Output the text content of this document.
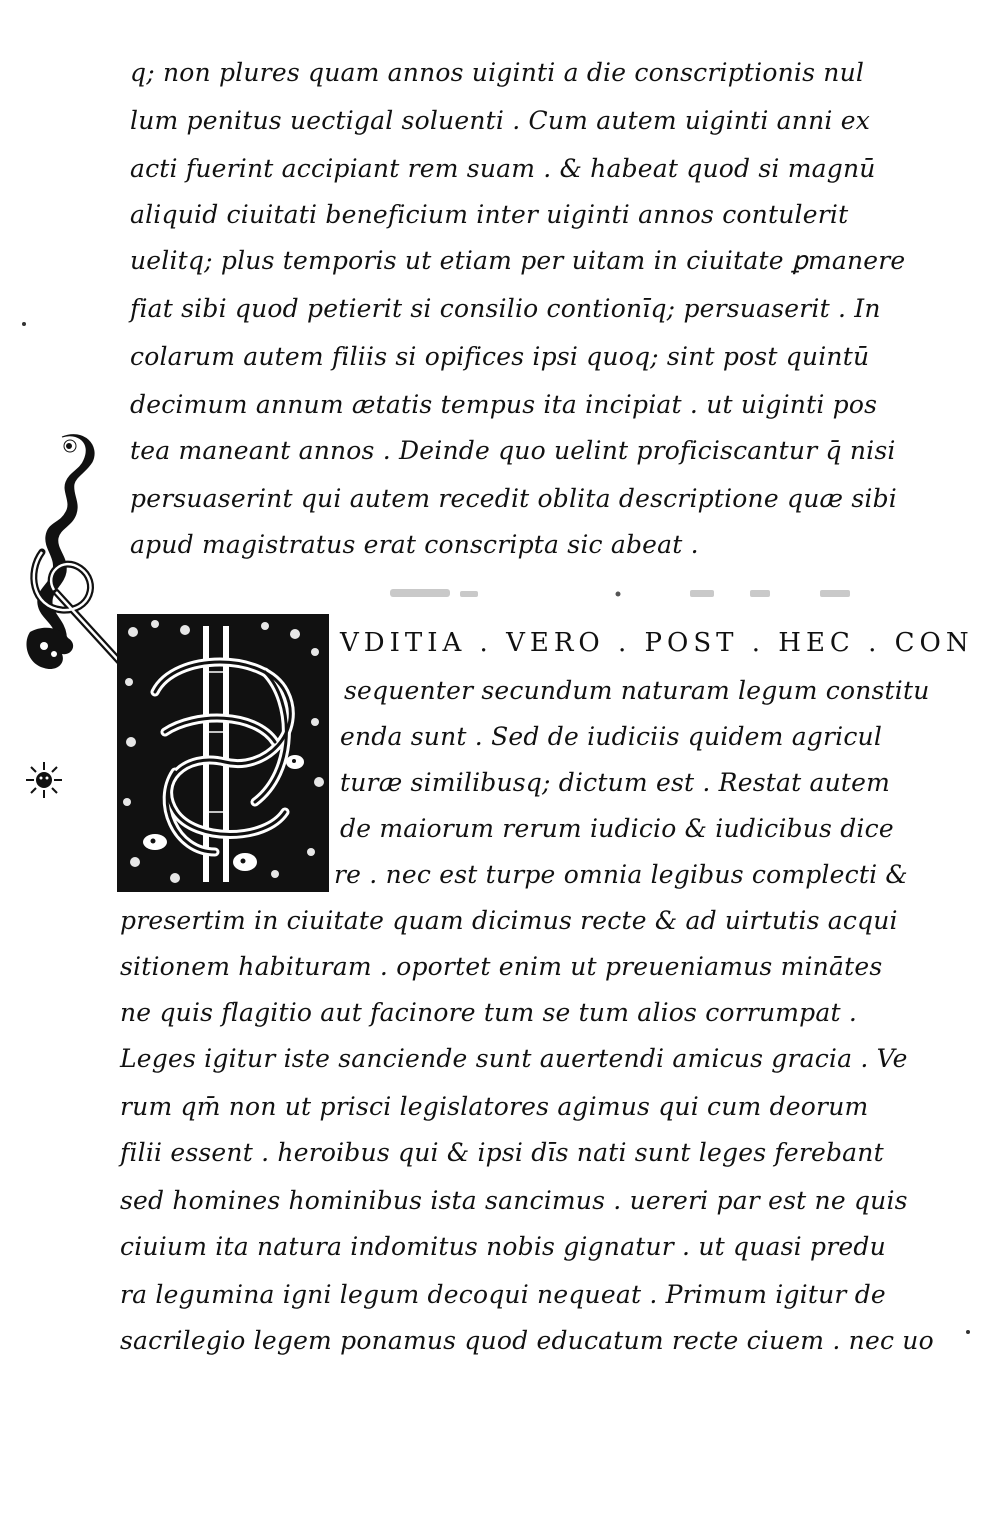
q; non plures quam annos uiginti a die conscriptionis nul
lum penitus uectigal soluenti . Cum autem uiginti anni ex
acti fuerint accipiant rem suam . & habeat quod si magnū
aliquid ciuitati beneficium inter uiginti annos contulerit
uelitq; plus temporis ut etiam per uitam in ciuitate ꝑmanere
fiat sibi quod petierit si consilio contionīq; persuaserit . In
colarum autem filiis si opifices ipsi quoq; sint post quintū
decimum annum ætatis tempus ita incipiat . ut uiginti pos
tea maneant annos . Deinde quo uelint proficiscantur q̄ nisi
persuaserint qui autem recedit oblita descriptione quæ sibi
apud magistratus erat conscripta sic abeat .
VDITIA . VERO . POST . HEC . CON
sequenter secundum naturam legum constitu
enda sunt . Sed de iudiciis quidem agricul
turæ similibusq; dictum est . Restat autem
de maiorum rerum iudicio & iudicibus dice
re . nec est turpe omnia legibus complecti &
presertim in ciuitate quam dicimus recte & ad uirtutis acqui
sitionem habituram . oportet enim ut preueniamus minātes
ne quis flagitio aut facinore tum se tum alios corrumpat .
Leges igitur iste sanciende sunt auertendi amicus gracia . Ve
rum qm̄ non ut prisci legislatores agimus qui cum deorum
filii essent . heroibus qui & ipsi dīs nati sunt leges ferebant
sed homines hominibus ista sancimus . uereri par est ne quis
ciuium ita natura indomitus nobis gignatur . ut quasi predu
ra legumina igni legum decoqui nequeat . Primum igitur de
sacrilegio legem ponamus quod educatum recte ciuem . nec uo
